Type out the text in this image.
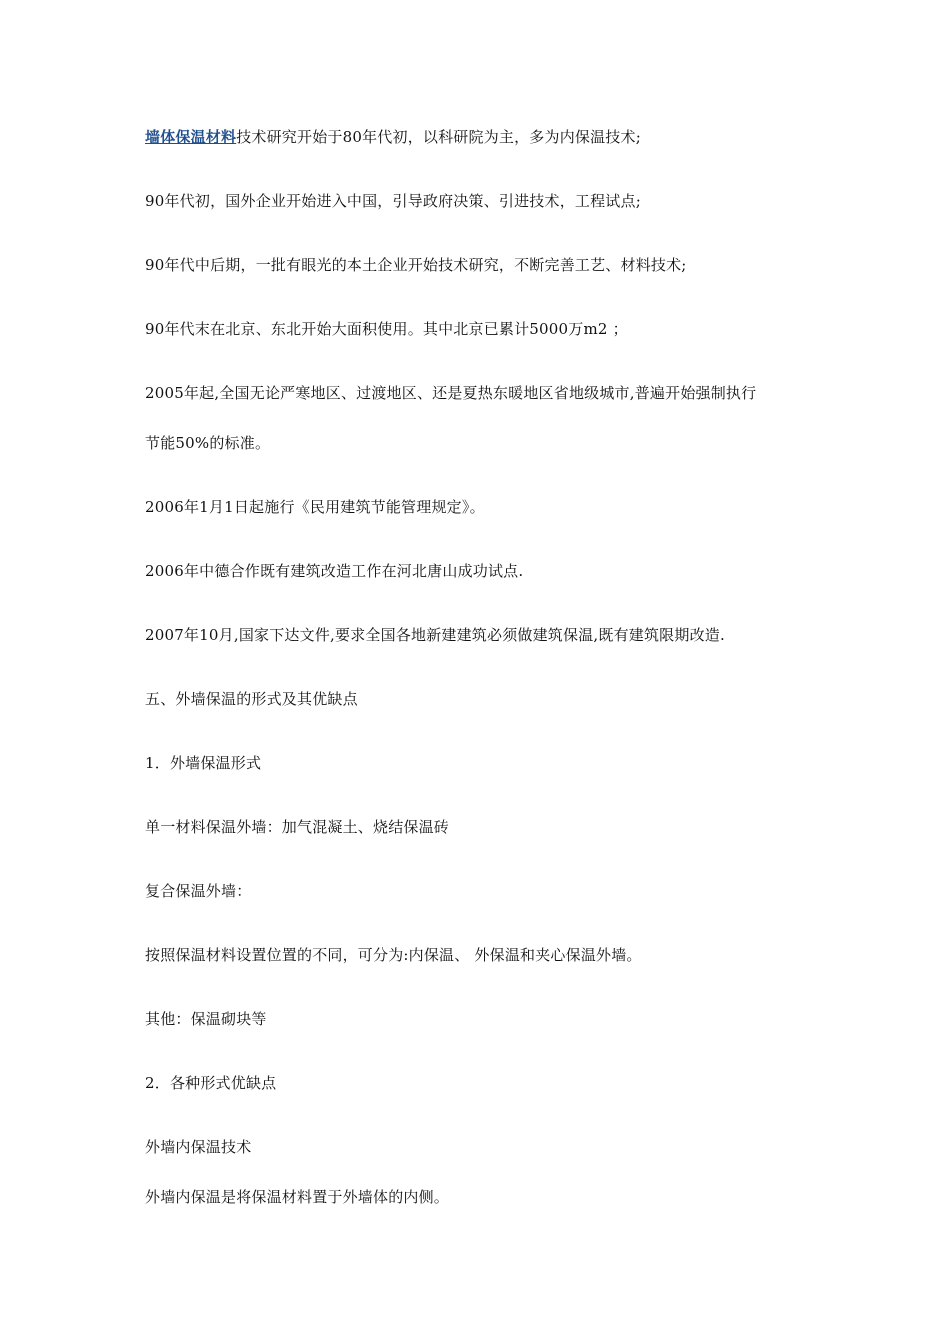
墙体保温材料技术研究开始于80年代初，以科研院为主，多为内保温技术;
90年代初，国外企业开始进入中国，引导政府决策、引进技术，工程试点;
90年代中后期，一批有眼光的本土企业开始技术研究，不断完善工艺、材料技术;
90年代末在北京、东北开始大面积使用。其中北京已累计5000万m2 ；
2005年起,全国无论严寒地区、过渡地区、还是夏热东暖地区省地级城市,普遍开始强制执行
节能50%的标准。
2006年1月1日起施行《民用建筑节能管理规定》。
2006年中德合作既有建筑改造工作在河北唐山成功试点.
2007年10月,国家下达文件,要求全国各地新建建筑必须做建筑保温,既有建筑限期改造.
五、外墙保温的形式及其优缺点
1．外墙保温形式
单一材料保温外墙：加气混凝土、烧结保温砖
复合保温外墙：
按照保温材料设置位置的不同，可分为:内保温、 外保温和夹心保温外墙。
其他：保温砌块等
2．各种形式优缺点
外墙内保温技术
外墙内保温是将保温材料置于外墙体的内侧。
